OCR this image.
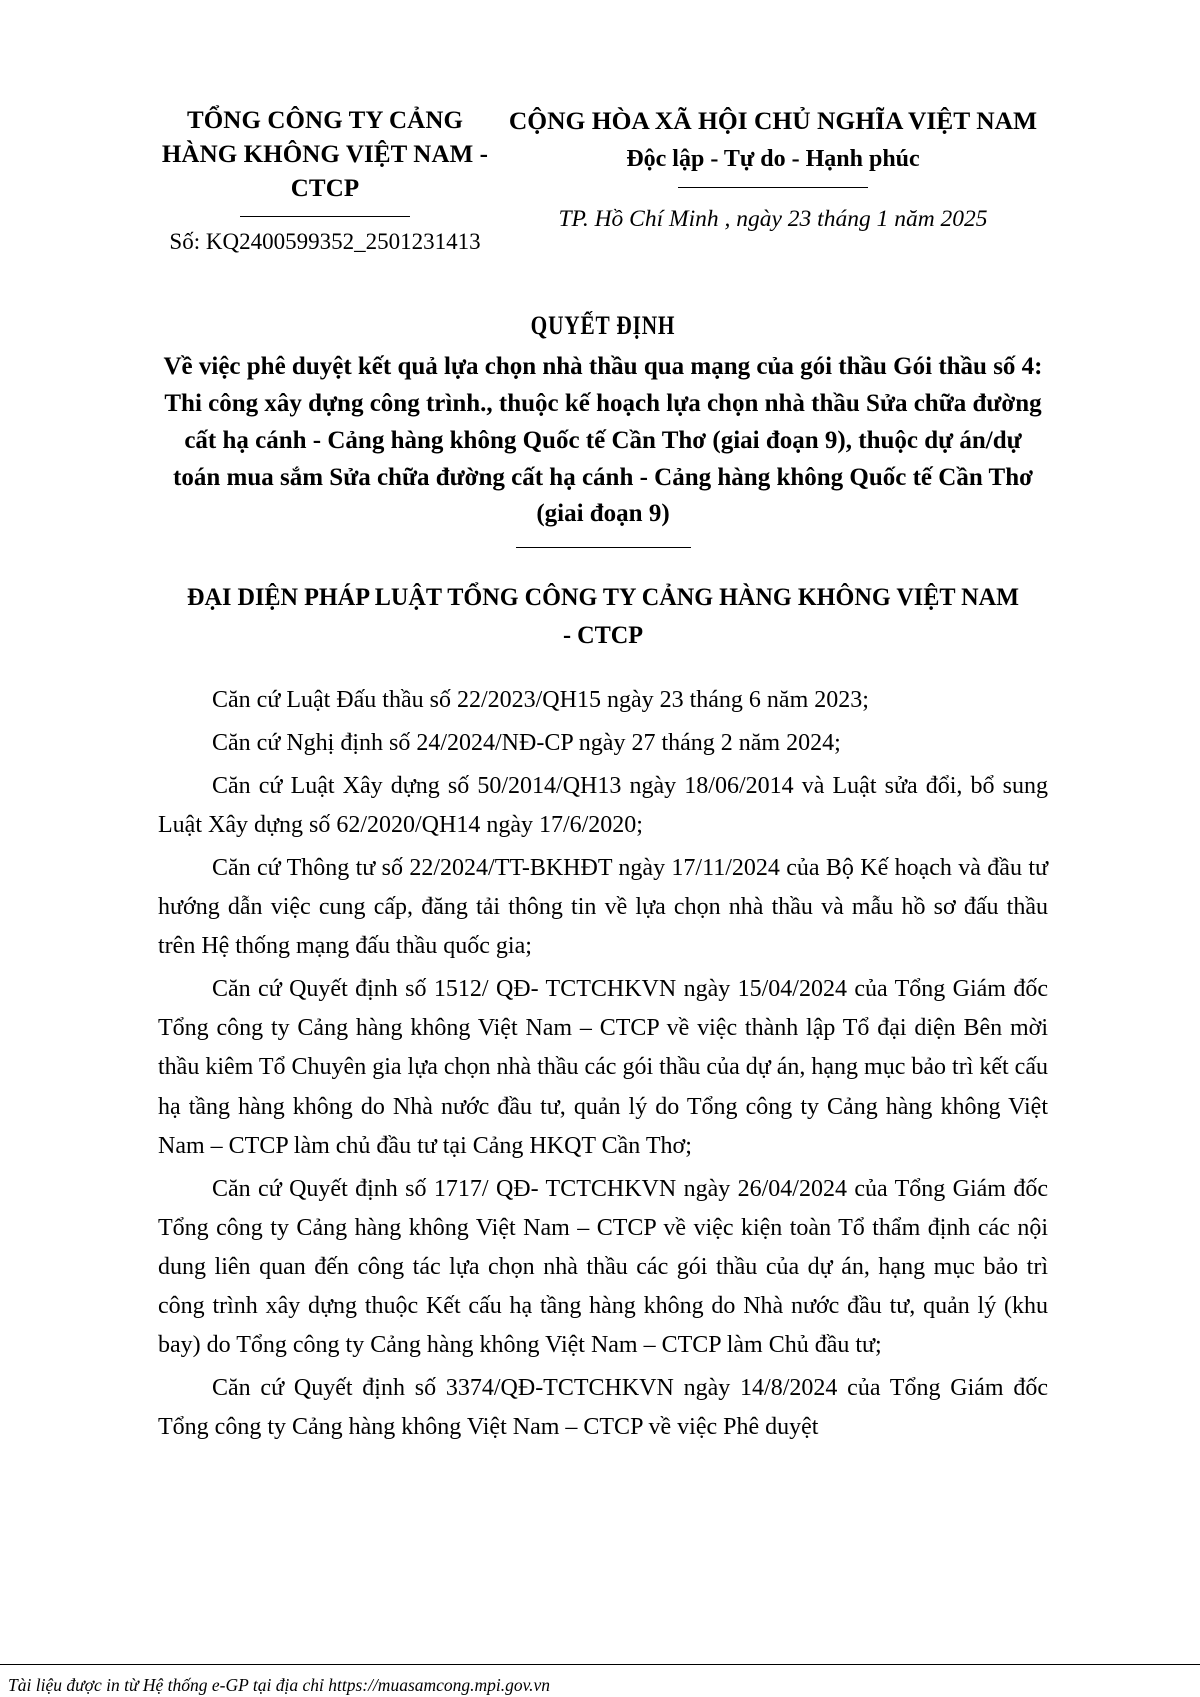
TỔNG CÔNG TY CẢNG HÀNG KHÔNG VIỆT NAM - CTCP
Số: KQ2400599352_2501231413
CỘNG HÒA XÃ HỘI CHỦ NGHĨA VIỆT NAM
Độc lập - Tự do - Hạnh phúc
TP. Hồ Chí Minh , ngày 23 tháng 1 năm 2025
QUYẾT ĐỊNH
Về việc phê duyệt kết quả lựa chọn nhà thầu qua mạng của gói thầu Gói thầu số 4: Thi công xây dựng công trình., thuộc kế hoạch lựa chọn nhà thầu Sửa chữa đường cất hạ cánh - Cảng hàng không Quốc tế Cần Thơ (giai đoạn 9), thuộc dự án/dự toán mua sắm Sửa chữa đường cất hạ cánh - Cảng hàng không Quốc tế Cần Thơ (giai đoạn 9)
ĐẠI DIỆN PHÁP LUẬT TỔNG CÔNG TY CẢNG HÀNG KHÔNG VIỆT NAM - CTCP

Căn cứ Luật Đấu thầu số 22/2023/QH15 ngày 23 tháng 6 năm 2023;

Căn cứ Nghị định số 24/2024/NĐ-CP ngày 27 tháng 2 năm 2024;

Căn cứ Luật Xây dựng số 50/2014/QH13 ngày 18/06/2014 và Luật sửa đổi, bổ sung Luật Xây dựng số 62/2020/QH14 ngày 17/6/2020;

Căn cứ Thông tư số 22/2024/TT-BKHĐT ngày 17/11/2024 của Bộ Kế hoạch và đầu tư hướng dẫn việc cung cấp, đăng tải thông tin về lựa chọn nhà thầu và mẫu hồ sơ đấu thầu trên Hệ thống mạng đấu thầu quốc gia;

Căn cứ Quyết định số 1512/ QĐ- TCTCHKVN ngày 15/04/2024 của Tổng Giám đốc Tổng công ty Cảng hàng không Việt Nam – CTCP về việc thành lập Tổ đại diện Bên mời thầu kiêm Tổ Chuyên gia lựa chọn nhà thầu các gói thầu của dự án, hạng mục bảo trì kết cấu hạ tầng hàng không do Nhà nước đầu tư, quản lý do Tổng công ty Cảng hàng không Việt Nam – CTCP làm chủ đầu tư tại Cảng HKQT Cần Thơ;

Căn cứ Quyết định số 1717/ QĐ- TCTCHKVN ngày 26/04/2024 của Tổng Giám đốc Tổng công ty Cảng hàng không Việt Nam – CTCP về việc kiện toàn Tổ thẩm định các nội dung liên quan đến công tác lựa chọn nhà thầu các gói thầu của dự án, hạng mục bảo trì công trình xây dựng thuộc Kết cấu hạ tầng hàng không do Nhà nước đầu tư, quản lý (khu bay) do Tổng công ty Cảng hàng không Việt Nam – CTCP làm Chủ đầu tư;

Căn cứ Quyết định số 3374/QĐ-TCTCHKVN ngày 14/8/2024 của Tổng Giám đốc Tổng công ty Cảng hàng không Việt Nam – CTCP về việc Phê duyệt

Tài liệu được in từ Hệ thống e-GP tại địa chỉ https://muasamcong.mpi.gov.vn
